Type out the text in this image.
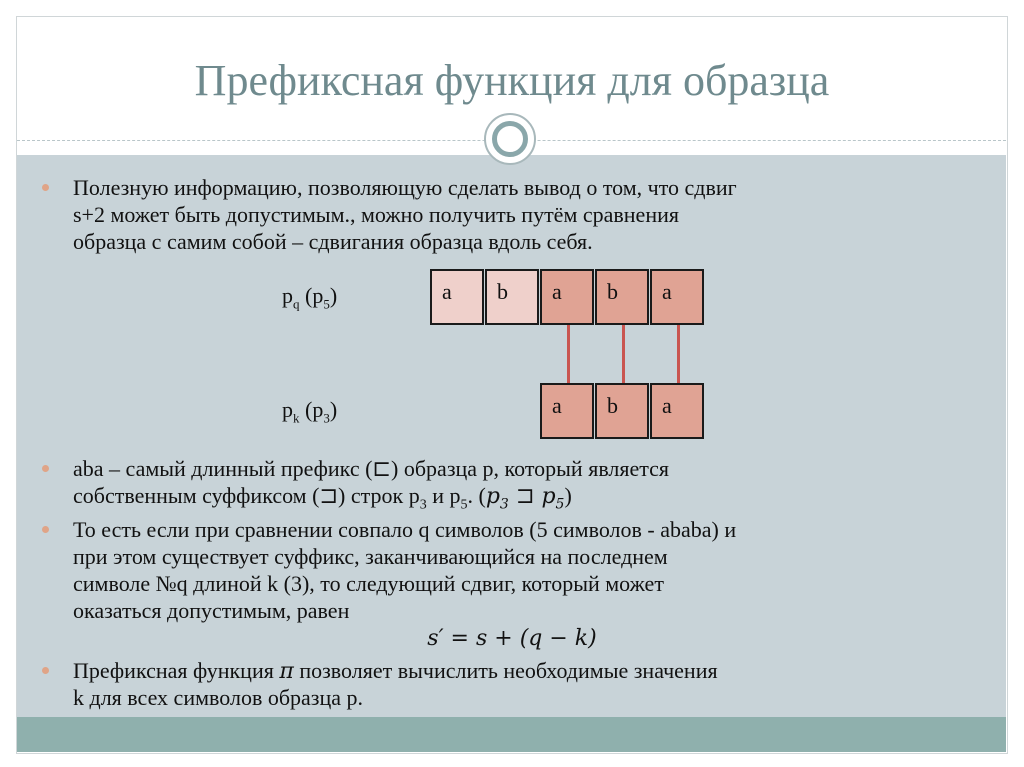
Префиксная функция для образца
Полезную информацию, позволяющую сделать вывод о том, что сдвиг
s+2 может быть допустимым., можно получить путём сравнения
образца с самим собой – сдвигания образца вдоль себя.
$p_q$ $(p_5)$	a	b	a	b	a
$p_k$ $(p_3)$	a	b	a
aba – самый длинный префикс (⊏) образца p, который является
собственным суффиксом (⊐) строк $p_3$ и $p_5$. ($p_3$ ⊐ $p_5$)
То есть если при сравнении совпало q символов (5 символов - ababa) и
при этом существует суффикс, заканчивающийся на последнем
символе №q длиной k (3), то следующий сдвиг, который может
оказаться допустимым, равен
s′ = s + (q − k)
Префиксная функция π позволяет вычислить необходимые значения
k для всех символов образца p.
